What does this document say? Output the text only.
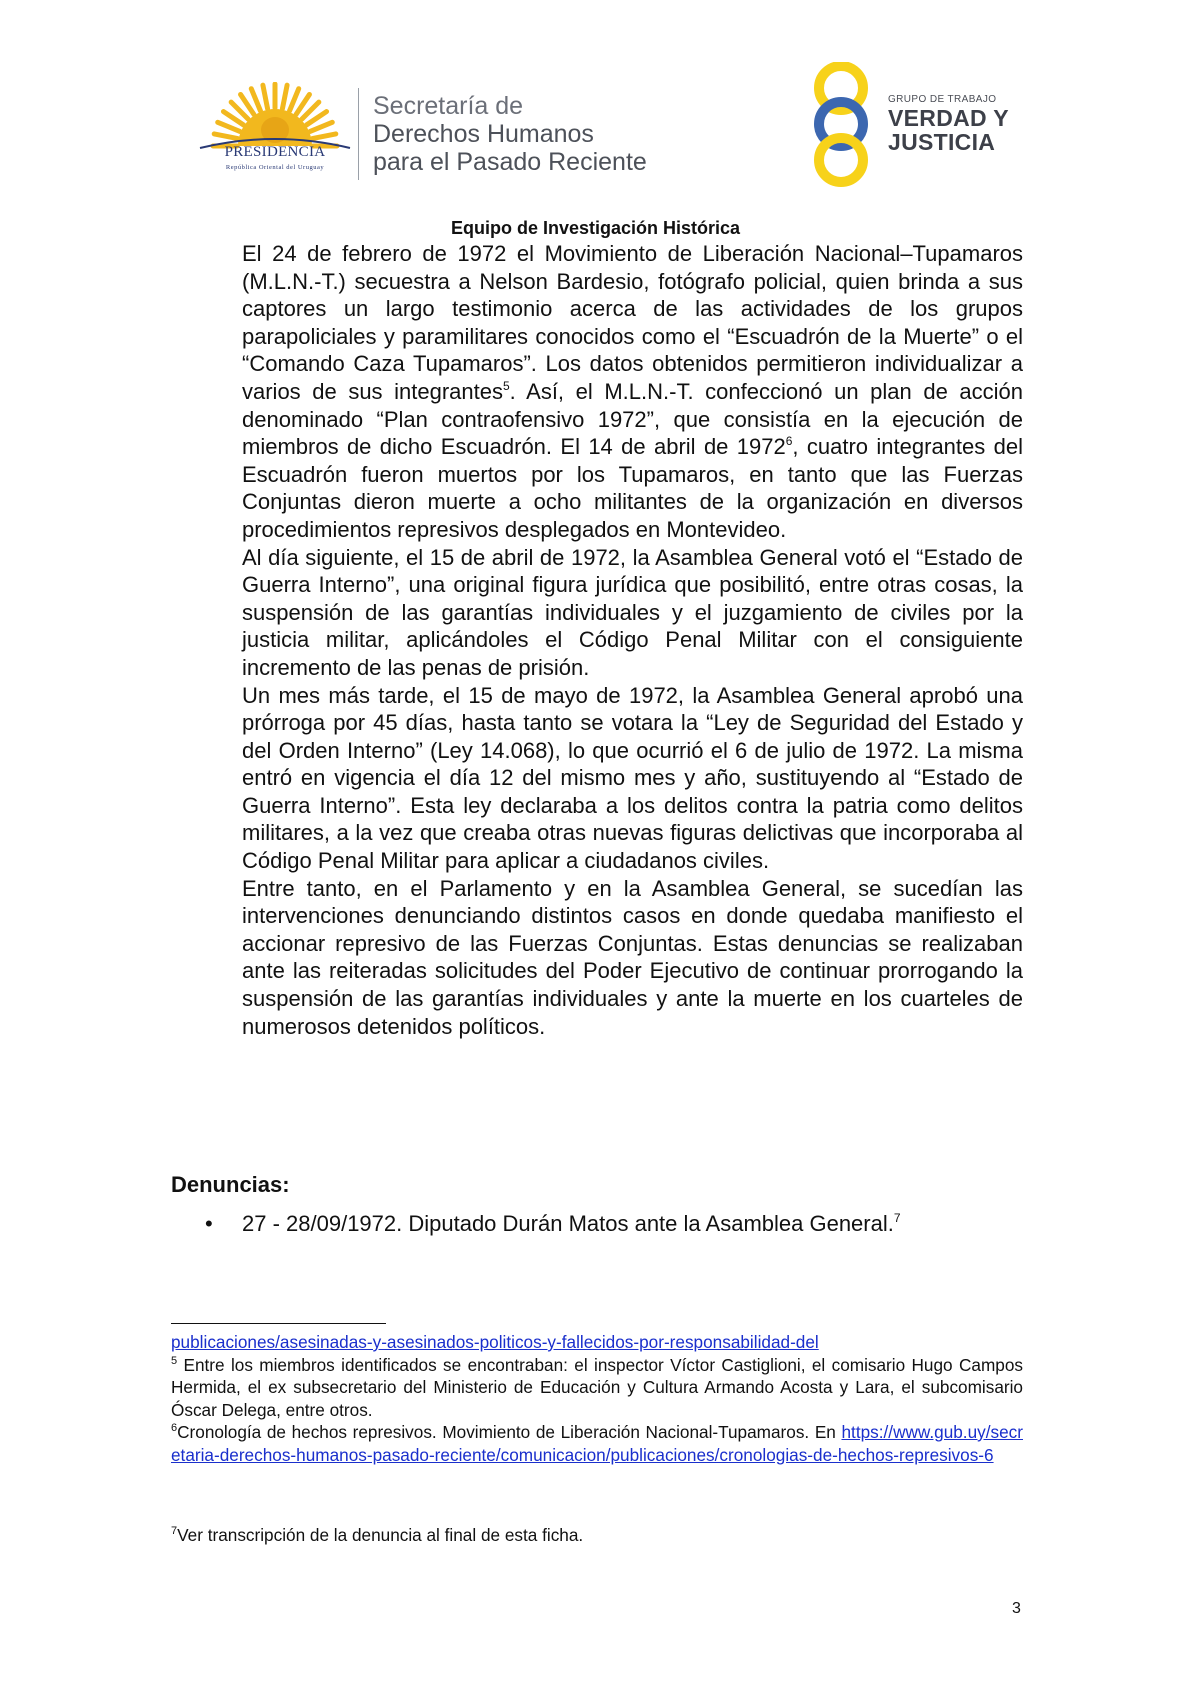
PRESIDENCIA
República Oriental del Uruguay
Secretaría de
Derechos Humanos
para el Pasado Reciente
GRUPO DE TRABAJO
VERDAD Y
JUSTICIA
Equipo de Investigación Histórica

El 24 de febrero de 1972 el Movimiento de Liberación Nacional–Tupamaros (M.L.N.-T.) secuestra a Nelson Bardesio, fotógrafo policial, quien brinda a sus captores un largo testimonio acerca de las actividades de los grupos parapoliciales y paramilitares conocidos como el “Escuadrón de la Muerte” o el “Comando Caza Tupamaros”. Los datos obtenidos permitieron individualizar a varios de sus integrantes$^5$. Así, el M.L.N.-T. confeccionó un plan de acción denominado “Plan contraofensivo 1972”, que consistía en la ejecución de miembros de dicho Escuadrón. El 14 de abril de 1972$^6$, cuatro integrantes del Escuadrón fueron muertos por los Tupamaros, en tanto que las Fuerzas Conjuntas dieron muerte a ocho militantes de la organización en diversos procedimientos represivos desplegados en Montevideo.

Al día siguiente, el 15 de abril de 1972, la Asamblea General votó el “Estado de Guerra Interno”, una original figura jurídica que posibilitó, entre otras cosas, la suspensión de las garantías individuales y el juzgamiento de civiles por la justicia militar, aplicándoles el Código Penal Militar con el consiguiente incremento de las penas de prisión.

Un mes más tarde, el 15 de mayo de 1972, la Asamblea General aprobó una prórroga por 45 días, hasta tanto se votara la “Ley de Seguridad del Estado y del Orden Interno” (Ley 14.068), lo que ocurrió el 6 de julio de 1972. La misma entró en vigencia el día 12 del mismo mes y año, sustituyendo al “Estado de Guerra Interno”. Esta ley declaraba a los delitos contra la patria como delitos militares, a la vez que creaba otras nuevas figuras delictivas que incorporaba al Código Penal Militar para aplicar a ciudadanos civiles.

Entre tanto, en el Parlamento y en la Asamblea General, se sucedían las intervenciones denunciando distintos casos en donde quedaba manifiesto el accionar represivo de las Fuerzas Conjuntas. Estas denuncias se realizaban ante las reiteradas solicitudes del Poder Ejecutivo de continuar prorrogando la suspensión de las garantías individuales y ante la muerte en los cuarteles de numerosos detenidos políticos.

Denuncias:
• 27 - 28/09/1972. Diputado Durán Matos ante la Asamblea General.$^7$

publicaciones/asesinadas-y-asesinados-politicos-y-fallecidos-por-responsabilidad-del

$^5$ Entre los miembros identificados se encontraban: el inspector Víctor Castiglioni, el comisario Hugo Campos Hermida, el ex subsecretario del Ministerio de Educación y Cultura Armando Acosta y Lara, el subcomisario Óscar Delega, entre otros.

$^6$Cronología de hechos represivos. Movimiento de Liberación Nacional-Tupamaros. En https://www.gub.uy/secretaria-derechos-humanos-pasado-reciente/comunicacion/publicaciones/cronologias-de-hechos-represivos-6

$^7$Ver transcripción de la denuncia al final de esta ficha.
3
